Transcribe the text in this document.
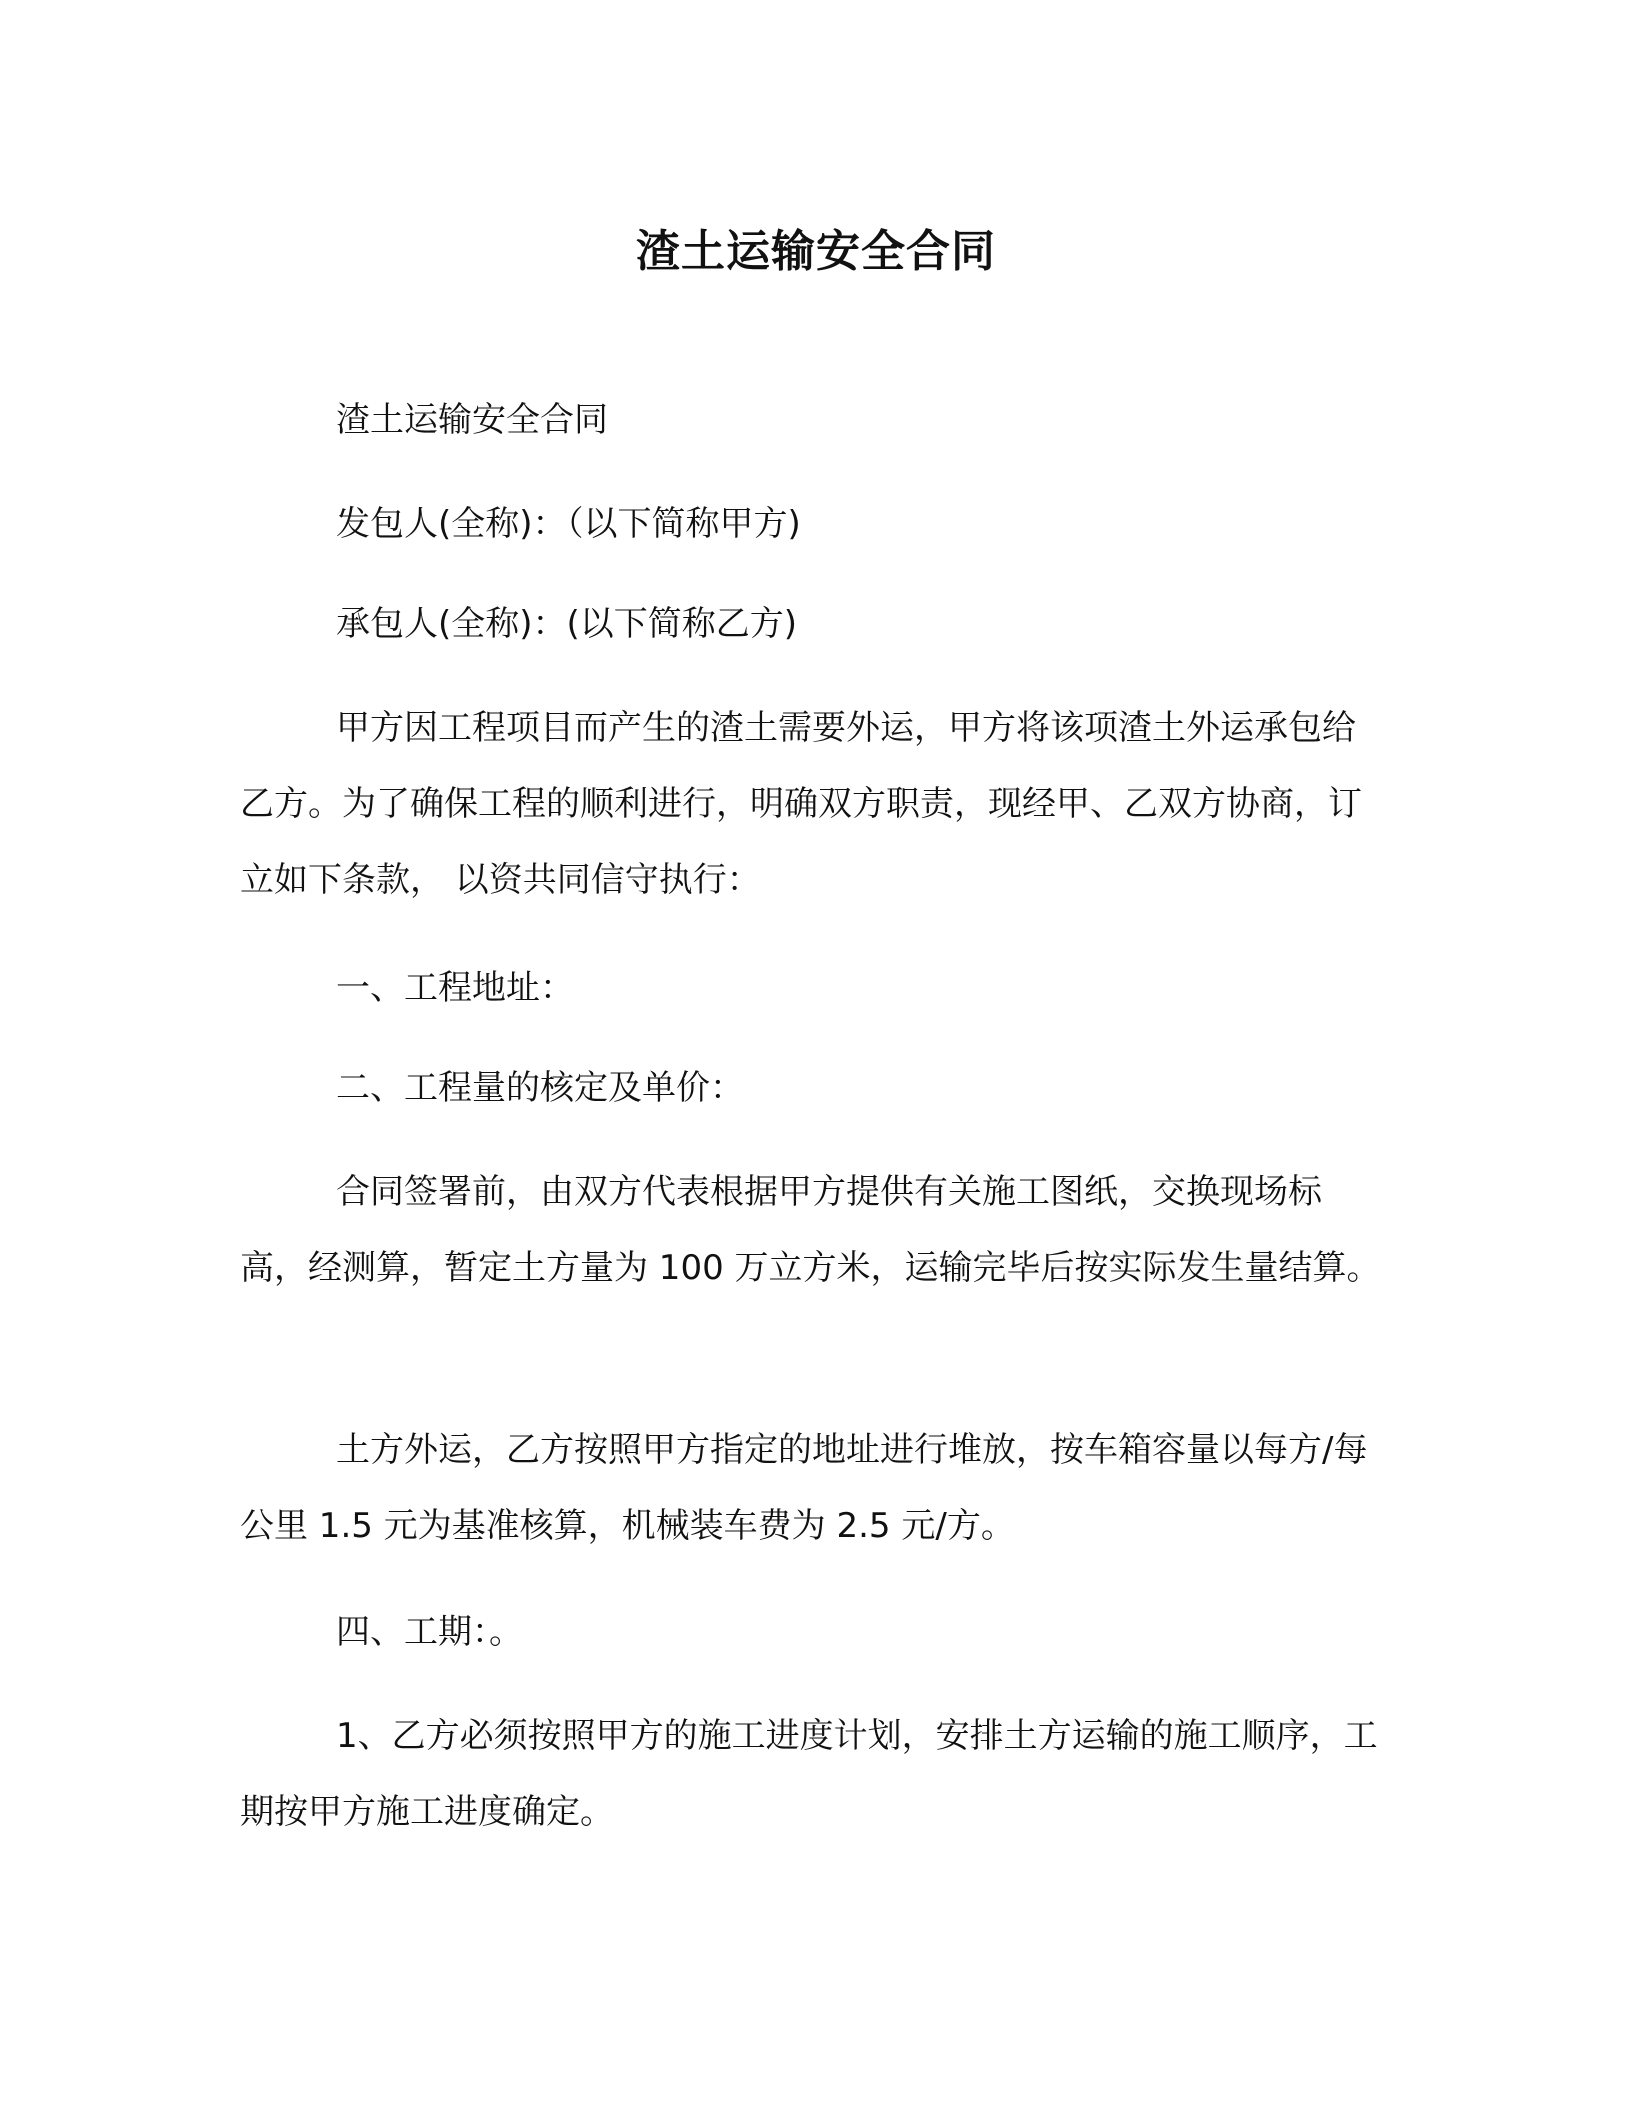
渣土运输安全合同

渣土运输安全合同

发包人(全称)：（以下简称甲方)

承包人(全称)：(以下简称乙方)

甲方因工程项目而产生的渣土需要外运，甲方将该项渣土外运承包给乙方。为了确保工程的顺利进行，明确双方职责，现经甲、乙双方协商，订立如下条款， 以资共同信守执行：

一、工程地址：

二、工程量的核定及单价：

合同签署前，由双方代表根据甲方提供有关施工图纸，交换现场标高，经测算，暂定土方量为 100 万立方米，运输完毕后按实际发生量结算。

土方外运，乙方按照甲方指定的地址进行堆放，按车箱容量以每方/每公里 1.5 元为基准核算，机械装车费为 2.5 元/方。

四、工期：。

1、乙方必须按照甲方的施工进度计划，安排土方运输的施工顺序，工期按甲方施工进度确定。
